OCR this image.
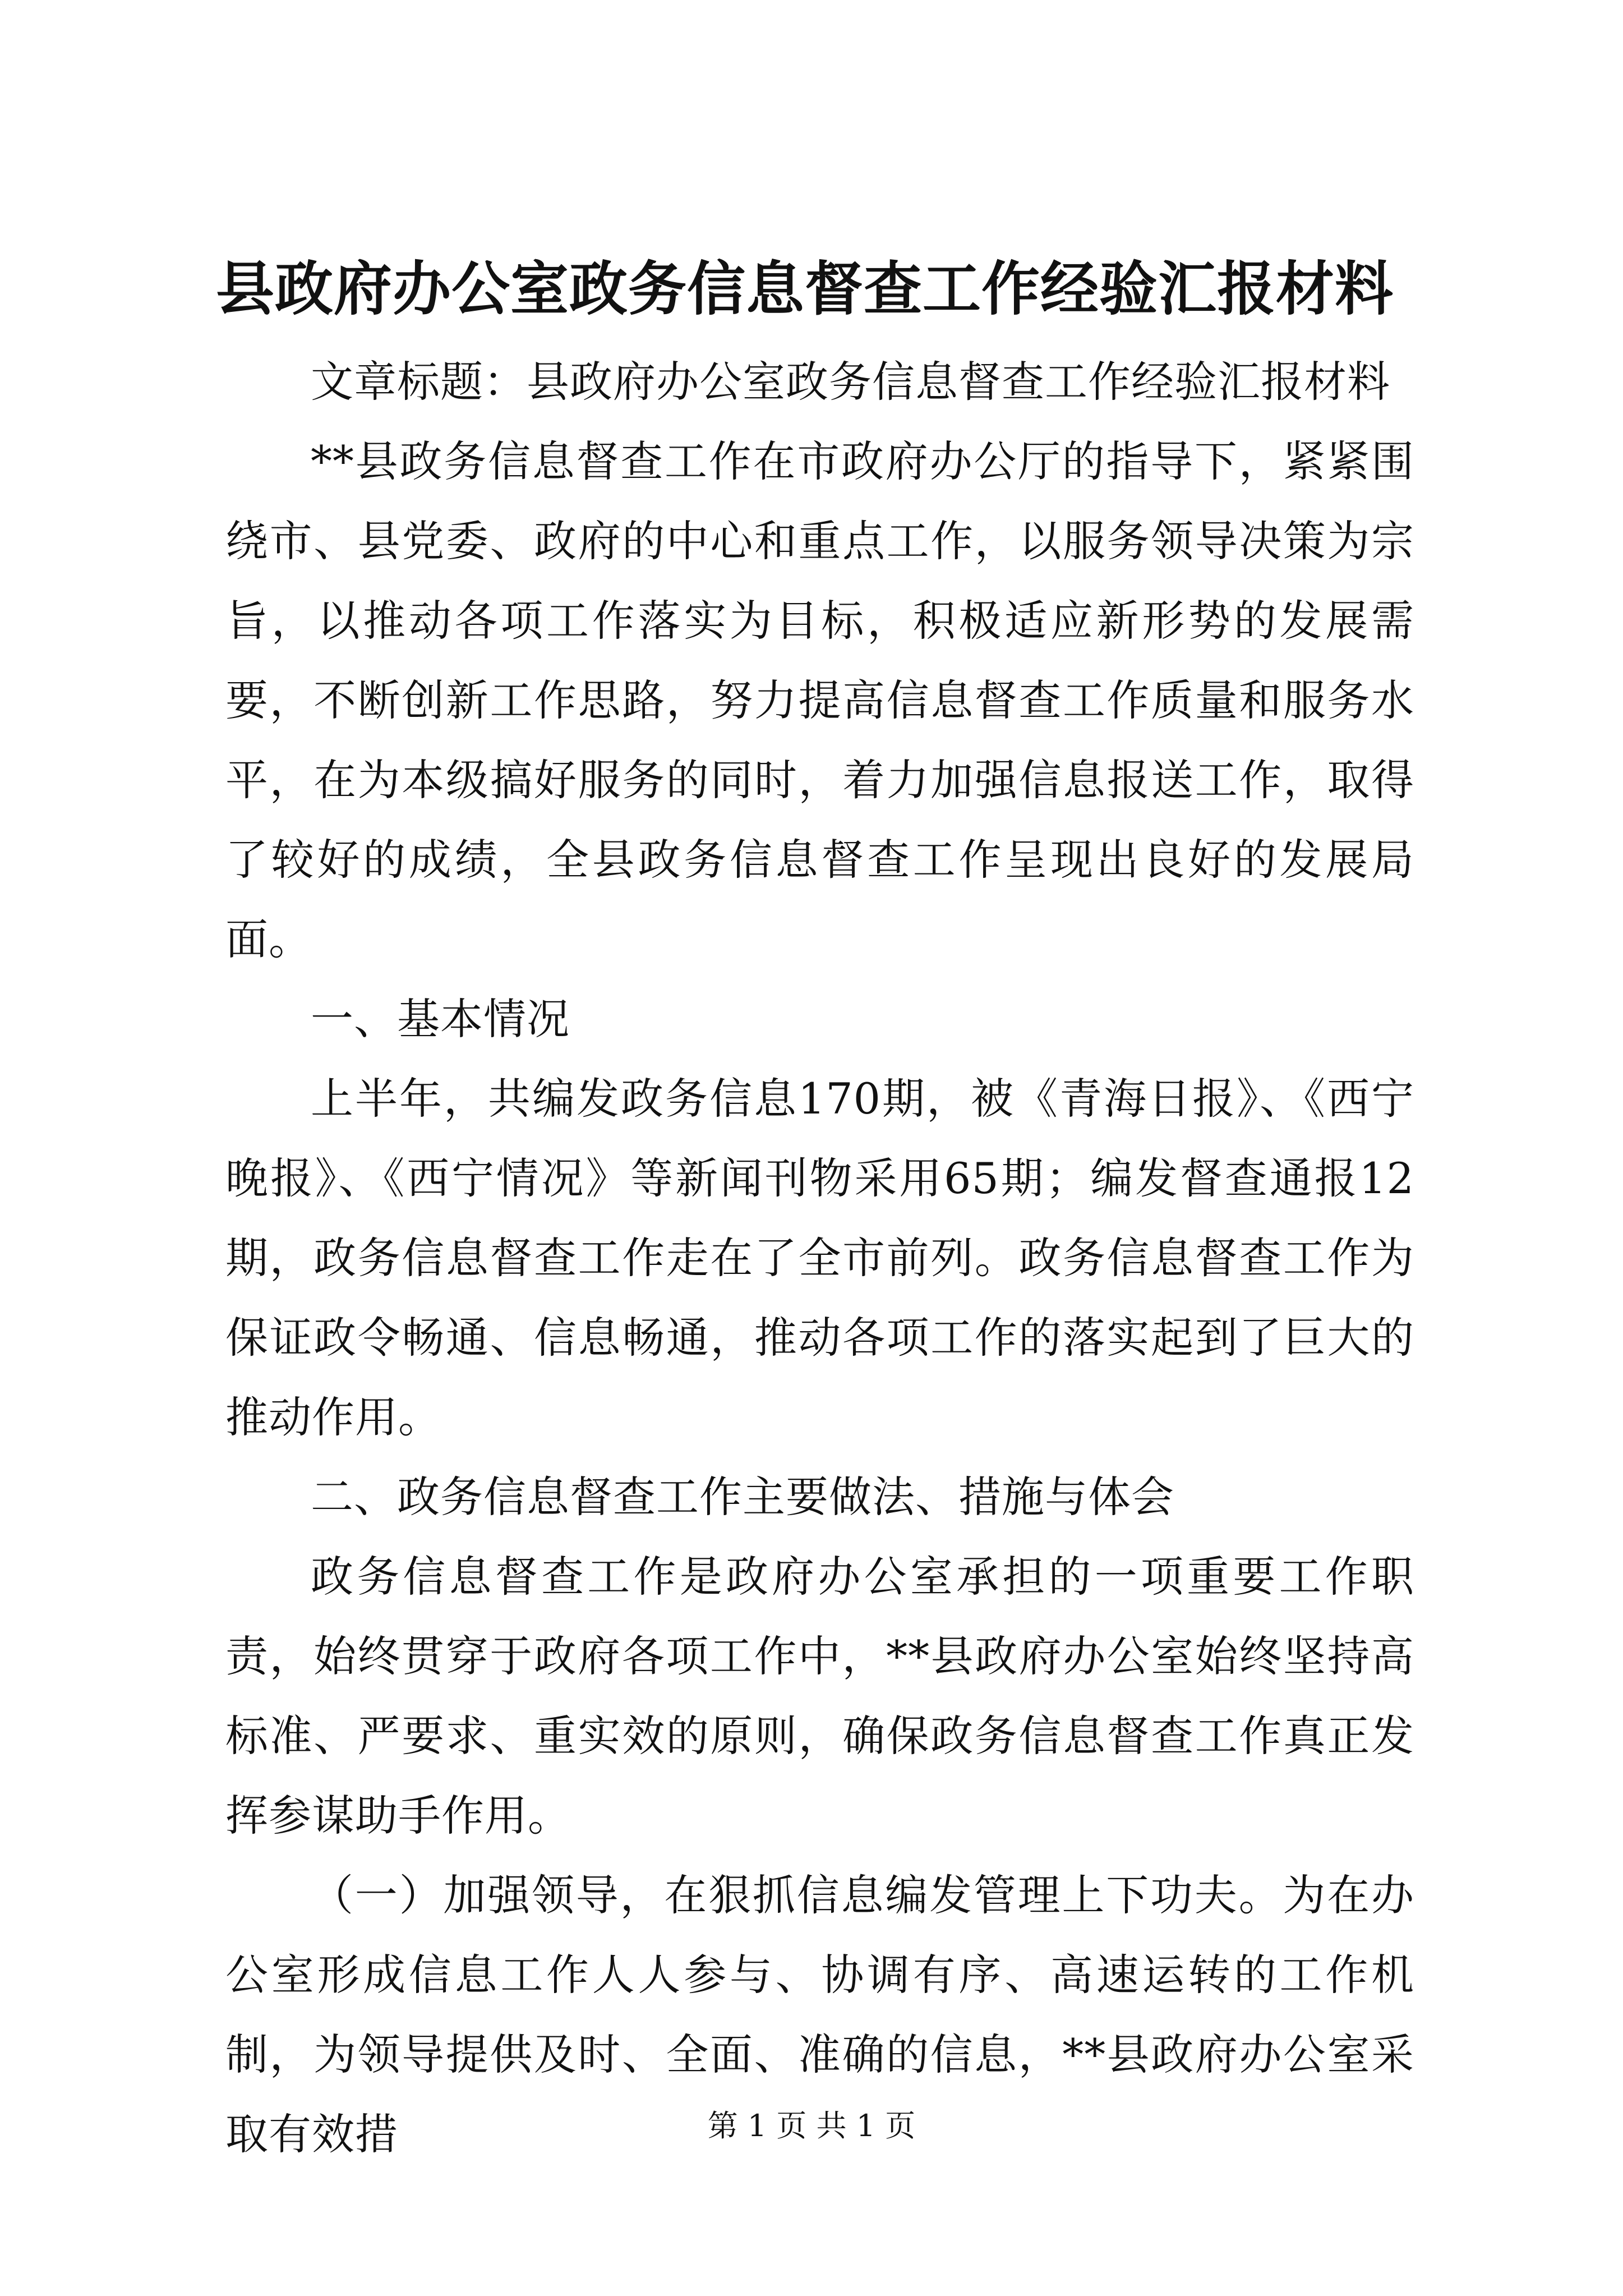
县政府办公室政务信息督查工作经验汇报材料

文章标题：县政府办公室政务信息督查工作经验汇报材料

**县政务信息督查工作在市政府办公厅的指导下，紧紧围绕市、县党委、政府的中心和重点工作，以服务领导决策为宗旨，以推动各项工作落实为目标，积极适应新形势的发展需要，不断创新工作思路，努力提高信息督查工作质量和服务水平，在为本级搞好服务的同时，着力加强信息报送工作，取得了较好的成绩，全县政务信息督查工作呈现出良好的发展局面。

一、基本情况

上半年，共编发政务信息170期，被《青海日报》、《西宁晚报》、《西宁情况》等新闻刊物采用65期；编发督查通报12期，政务信息督查工作走在了全市前列。政务信息督查工作为保证政令畅通、信息畅通，推动各项工作的落实起到了巨大的推动作用。

二、政务信息督查工作主要做法、措施与体会

政务信息督查工作是政府办公室承担的一项重要工作职责，始终贯穿于政府各项工作中，**县政府办公室始终坚持高标准、严要求、重实效的原则，确保政务信息督查工作真正发挥参谋助手作用。

（一）加强领导，在狠抓信息编发管理上下功夫。为在办公室形成信息工作人人参与、协调有序、高速运转的工作机制，为领导提供及时、全面、准确的信息，**县政府办公室采取有效措	第 1 页 共 1 页
